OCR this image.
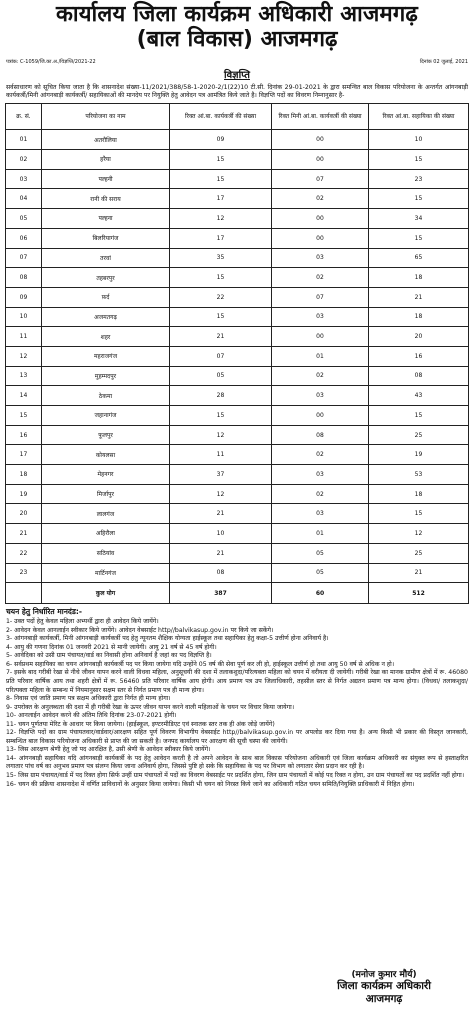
कार्यालय जिला कार्यक्रम अधिकारी आजमगढ़
(बाल विकास) आजमगढ़
पत्रांक: C-1059/जि.का.अ./विज्ञप्ति/2021-22	दिनांक 02 जुलाई, 2021
विज्ञप्ति
सर्वसाधारण को सूचित किया जाता है कि शासनादेश संख्या-11/2021/388/58-1-2020-2/1(22)10 टी.सी. दिनांक 29-01-2021 के द्वारा समन्वित बाल विकास परियोजना के अन्तर्गत आंगनबाड़ी कार्यकर्त्री/मिनी आंगनबाड़ी कार्यकर्त्री/ सहायिकाओं की मानदेय पर नियुक्ति हेतु आवेदन पत्र आमंत्रित किये जाते है। विज्ञप्ति पदों का विवरण निम्नानुसार है-
क्र. सं.	परियोजना का नाम	रिक्त आं.बा. कार्यकर्त्री की संख्या	रिक्त मिनी आं.बा. कार्यकर्त्री की संख्या	रिक्त आं.बा. सहायिका की संख्या
01	अतरौलिया	09	00	10
02	हरैया	15	00	15
03	पल्हनी	15	07	23
04	रानी की सराय	17	02	15
05	पल्हना	12	00	34
06	बिलरियागंज	17	00	15
07	तरवां	35	03	65
08	तहबरपुर	15	02	18
09	फ़र्द	22	07	21
10	अजमतगढ़	15	03	18
11	शहर	21	00	20
12	महराजगंज	07	01	16
13	मुहम्मदपुर	05	02	08
14	ठेकमा	28	03	43
15	जहानागंज	15	00	15
16	फूलपुर	12	08	25
17	कोयलसा	11	02	19
18	मेहनगर	37	03	53
19	मिर्जापुर	12	02	18
20	लालगंज	21	03	15
21	अहिरौला	10	01	12
22	सठियांव	21	05	25
23	मार्टिनगंज	08	05	21
	कुल योग	387	60	512
चयन हेतु निर्धारित मानदंड:-
1- उक्त पदों हेतु केवल महिला अभ्यर्थी द्वारा ही आवेदन किये जायेंगे।
2- आवेदन केवल आनलाईन स्वीकार किये जायेंगे। आवेदन वेबसाईट http//balvikasup.gov.in पर किये जा सकेंगे।
3- आंगनबाड़ी कार्यकर्त्री, मिनी आंगनबाड़ी कार्यकर्त्री पद हेतु न्यूनतम शैक्षिक योग्यता हाईस्कूल तथा सहायिका हेतु कक्षा-5 उत्तीर्ण होना अनिवार्य है।
4- आयु की गणना दिनांक 01 जनवरी 2021 से मानी जायेगी। आयु 21 वर्ष से 45 वर्ष होगी।
5- आवेदिका को उसी ग्राम पंचायत/वार्ड का निवासी होना अनिवार्य है जहां का पद विज्ञप्ति है।
6- सर्वप्रथम सहायिका का चयन आंगनबाड़ी कार्यकर्त्री पद पर किया जायेगा यदि उन्होंने 05 वर्ष की सेवा पूर्ण कर ली हो, हाईस्कूल उत्तीर्ण हो तथा आयु 50 वर्ष से अधिक न हो।
7- इसके बाद गरीबी रेखा से नीचे जीवन यापन करने वाली विधवा महिला, अनुसूचयी की दशा में तलाकशुदा/परित्यक्ता महिला को चयन में वरीयता दी जायेगी। गरीबी रेखा का मानक ग्रामीण क्षेत्रों में रू. 46080 प्रति परिवार वार्षिक आय तथा शहरी क्षेत्रों में रू. 56460 प्रति परिवार वार्षिक आय होगी। आय प्रमाण पत्र उप जिलाधिकारी, तहसील स्तर से निर्गत अद्यतन प्रमाण पत्र मान्य होगा। (विधवा/ तलाकशुदा/ परित्यक्ता महिला के सम्बन्ध में नियमानुसार सक्षम स्तर से निर्गत प्रमाण पत्र ही मान्य होगा।
8- निवास एवं जाति प्रमाण पत्र सक्षम अधिकारी द्वारा निर्गत ही मान्य होगा।
9- उपरोक्त के अनुलब्धता की दशा में ही गरीबी रेखा के ऊपर जीवन यापन करने वाली महिलाओं के चयन पर विचार किया जायेगा।
10- आनलाईन आवेदन करने की अंतिम तिथि दिनांक 23-07-2021 होगी।
11- चयन पूर्णतया मेरिट के आधार पर किया जायेगा। (हाईस्कूल, इण्टरमीडिएट एवं स्नातक स्तर तक ही अंक जोड़े जायेंगे)
12- विज्ञप्ति पदों का ग्राम पंचायतवार/वार्डवार/आरक्षण सहित पूर्ण विवरण विभागीय वेबसाईट http//balvikasup.gov.in पर अपलोड कर दिया गया है। अन्य किसी भी प्रकार की विस्तृत जानकारी, सम्बन्धित बाल विकास परियोजना अधिकारी से प्राप्त की जा सकती है। जनपद कार्यालय पर आरक्षण की सूची चस्पा की जायेगी।
13- जिस आरक्षण श्रेणी हेतु जो पद आरक्षित है, उसी श्रेणी के आवेदन स्वीकार किये जायेंगे।
14- आंगनबाड़ी सहायिका यदि आंगनबाड़ी कार्यकर्त्री के पद हेतु आवेदन करती है तो अपने आवेदन के साथ बाल विकास परियोजना अधिकारी एवं जिला कार्यक्रम अधिकारी का संयुक्त रूप से हस्ताक्षरित लगातार पांच वर्ष का अनुभव प्रमाण पत्र संलग्न किया जाना अनिवार्य होगा, जिससे पुष्टि हो सके कि सहायिका के पद पर विभाग को लगातार सेवा प्रदान कर रही है।
15- जिस ग्राम पंचायत/वार्ड में पद रिक्त होगा सिर्फ उन्हीं ग्राम पंचायतों में पदों का विवरण वेबसाईट पर प्रदर्शित होगा, जिन ग्राम पंचायतों में कोई पद रिक्त न होगा, उन ग्राम पंचायतों का पद प्रदर्शित नहीं होगा।
16- चयन की प्रक्रिया शासनादेश में वर्णित प्राविधानों के अनुसार किया जायेगा। किसी भी चयन को निरस्त किये जाने का अधिकारी गठित चयन समिति/नियुक्ति प्राधिकारी में निहित होगा।
(मनोज कुमार मौर्य)
जिला कार्यक्रम अधिकारी
आजमगढ़
